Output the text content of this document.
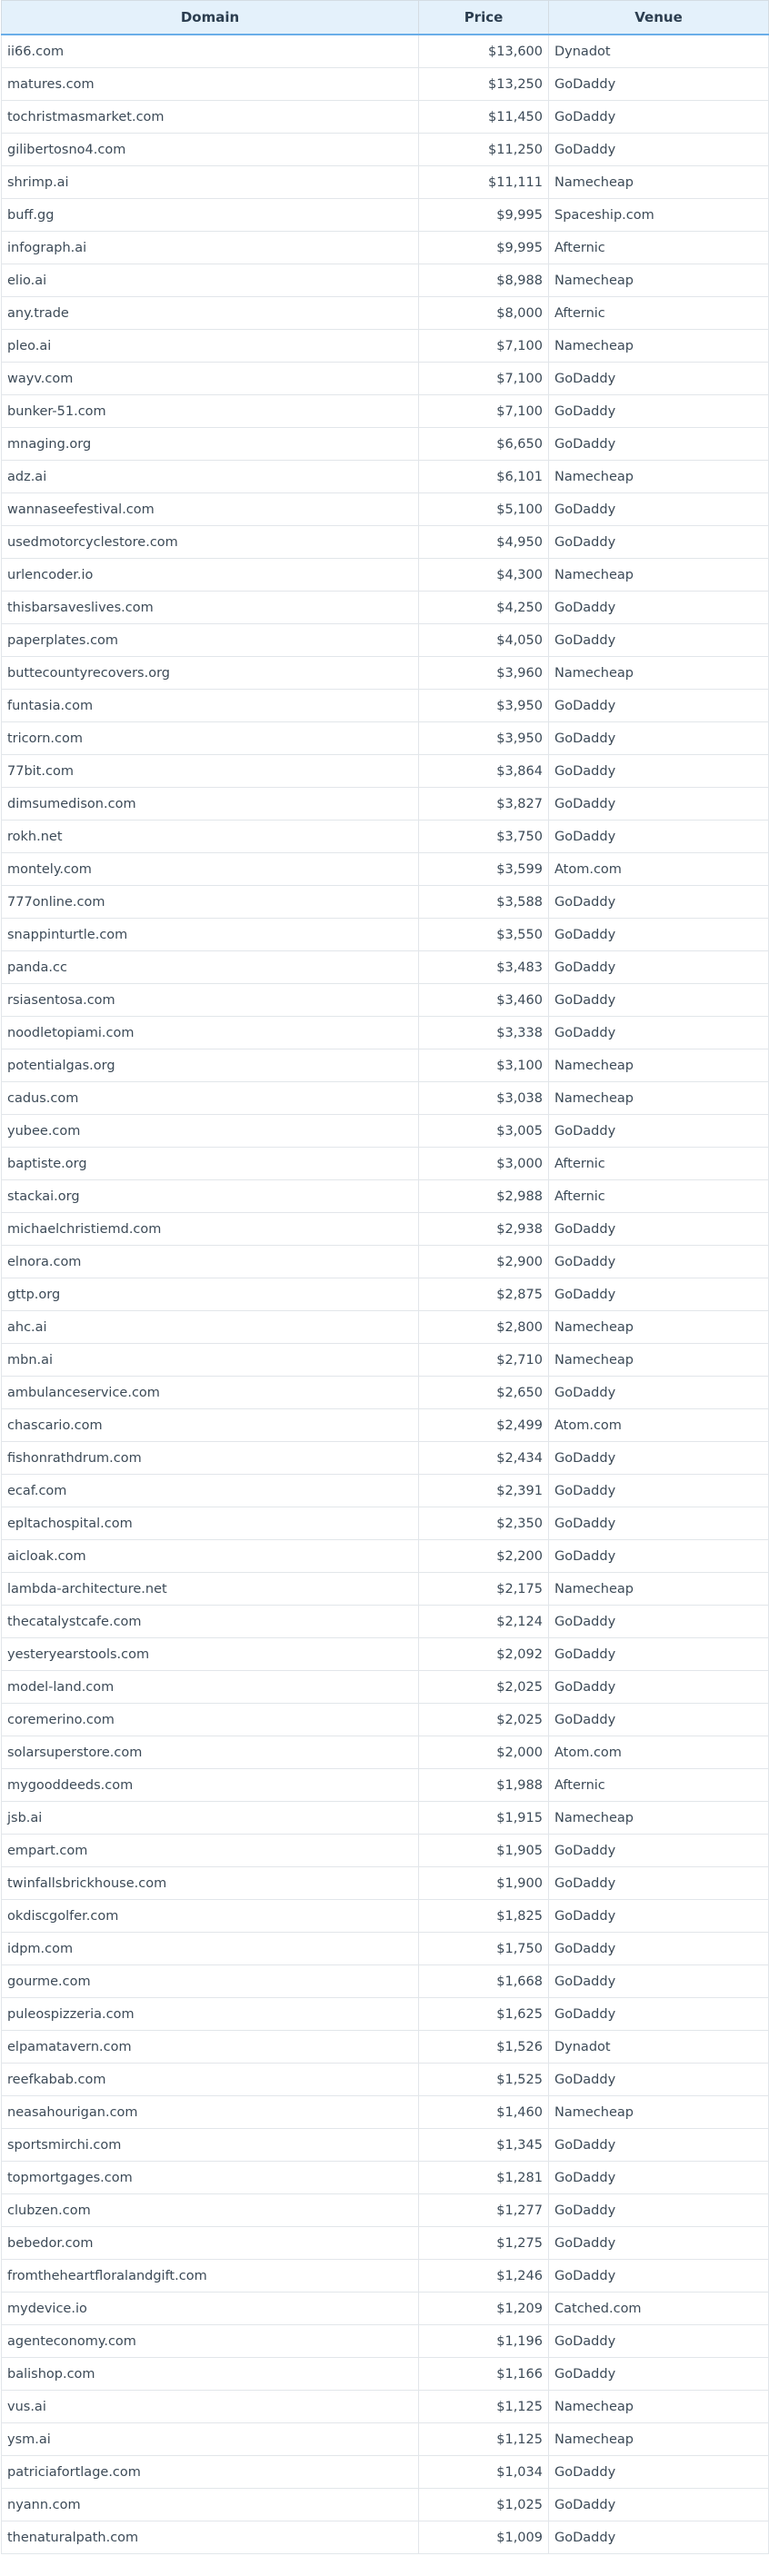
Domain	Price	Venue
ii66.com	$13,600	Dynadot
matures.com	$13,250	GoDaddy
tochristmasmarket.com	$11,450	GoDaddy
gilibertosno4.com	$11,250	GoDaddy
shrimp.ai	$11,111	Namecheap
buff.gg	$9,995	Spaceship.com
infograph.ai	$9,995	Afternic
elio.ai	$8,988	Namecheap
any.trade	$8,000	Afternic
pleo.ai	$7,100	Namecheap
wayv.com	$7,100	GoDaddy
bunker-51.com	$7,100	GoDaddy
mnaging.org	$6,650	GoDaddy
adz.ai	$6,101	Namecheap
wannaseefestival.com	$5,100	GoDaddy
usedmotorcyclestore.com	$4,950	GoDaddy
urlencoder.io	$4,300	Namecheap
thisbarsaveslives.com	$4,250	GoDaddy
paperplates.com	$4,050	GoDaddy
buttecountyrecovers.org	$3,960	Namecheap
funtasia.com	$3,950	GoDaddy
tricorn.com	$3,950	GoDaddy
77bit.com	$3,864	GoDaddy
dimsumedison.com	$3,827	GoDaddy
rokh.net	$3,750	GoDaddy
montely.com	$3,599	Atom.com
777online.com	$3,588	GoDaddy
snappinturtle.com	$3,550	GoDaddy
panda.cc	$3,483	GoDaddy
rsiasentosa.com	$3,460	GoDaddy
noodletopiami.com	$3,338	GoDaddy
potentialgas.org	$3,100	Namecheap
cadus.com	$3,038	Namecheap
yubee.com	$3,005	GoDaddy
baptiste.org	$3,000	Afternic
stackai.org	$2,988	Afternic
michaelchristiemd.com	$2,938	GoDaddy
elnora.com	$2,900	GoDaddy
gttp.org	$2,875	GoDaddy
ahc.ai	$2,800	Namecheap
mbn.ai	$2,710	Namecheap
ambulanceservice.com	$2,650	GoDaddy
chascario.com	$2,499	Atom.com
fishonrathdrum.com	$2,434	GoDaddy
ecaf.com	$2,391	GoDaddy
epltachospital.com	$2,350	GoDaddy
aicloak.com	$2,200	GoDaddy
lambda-architecture.net	$2,175	Namecheap
thecatalystcafe.com	$2,124	GoDaddy
yesteryearstools.com	$2,092	GoDaddy
model-land.com	$2,025	GoDaddy
coremerino.com	$2,025	GoDaddy
solarsuperstore.com	$2,000	Atom.com
mygooddeeds.com	$1,988	Afternic
jsb.ai	$1,915	Namecheap
empart.com	$1,905	GoDaddy
twinfallsbrickhouse.com	$1,900	GoDaddy
okdiscgolfer.com	$1,825	GoDaddy
idpm.com	$1,750	GoDaddy
gourme.com	$1,668	GoDaddy
puleospizzeria.com	$1,625	GoDaddy
elpamatavern.com	$1,526	Dynadot
reefkabab.com	$1,525	GoDaddy
neasahourigan.com	$1,460	Namecheap
sportsmirchi.com	$1,345	GoDaddy
topmortgages.com	$1,281	GoDaddy
clubzen.com	$1,277	GoDaddy
bebedor.com	$1,275	GoDaddy
fromtheheartfloralandgift.com	$1,246	GoDaddy
mydevice.io	$1,209	Catched.com
agenteconomy.com	$1,196	GoDaddy
balishop.com	$1,166	GoDaddy
vus.ai	$1,125	Namecheap
ysm.ai	$1,125	Namecheap
patriciafortlage.com	$1,034	GoDaddy
nyann.com	$1,025	GoDaddy
thenaturalpath.com	$1,009	GoDaddy
